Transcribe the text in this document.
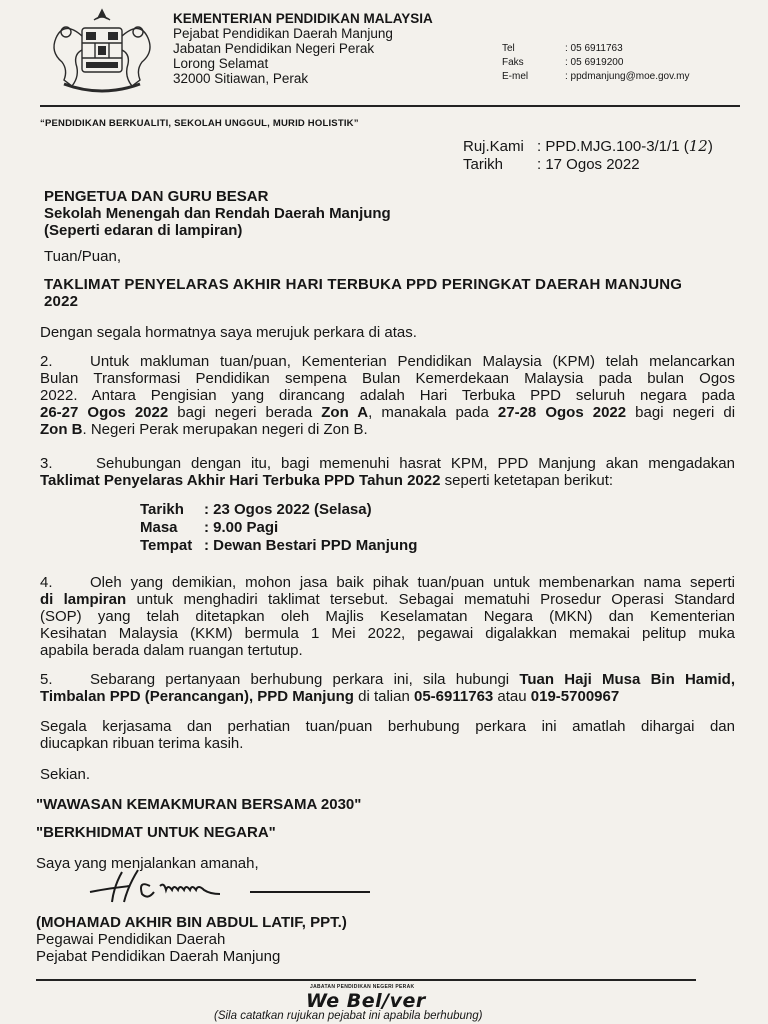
KEMENTERIAN PENDIDIKAN MALAYSIA
Pejabat Pendidikan Daerah Manjung
Jabatan Pendidikan Negeri Perak
Lorong Selamat
32000 Sitiawan, Perak
Tel
Faks
E-mel
: 05 6911763
: 05 6919200
: ppdmanjung@moe.gov.my
“PENDIDIKAN BERKUALITI, SEKOLAH UNGGUL, MURID HOLISTIK”
Ruj.Kami : PPD.MJG.100-3/1/1 (12)
Tarikh : 17 Ogos 2022
PENGETUA DAN GURU BESAR
Sekolah Menengah dan Rendah Daerah Manjung
(Seperti edaran di lampiran)
Tuan/Puan,
TAKLIMAT PENYELARAS AKHIR HARI TERBUKA PPD PERINGKAT DAERAH MANJUNG
2022
Dengan segala hormatnya saya merujuk perkara di atas.
2. Untuk makluman tuan/puan, Kementerian Pendidikan Malaysia (KPM) telah melancarkan
Bulan Transformasi Pendidikan sempena Bulan Kemerdekaan Malaysia pada bulan Ogos
2022. Antara Pengisian yang dirancang adalah Hari Terbuka PPD seluruh negara pada
26-27 Ogos 2022 bagi negeri berada Zon A, manakala pada 27-28 Ogos 2022 bagi negeri di
Zon B. Negeri Perak merupakan negeri di Zon B.
3.	Sehubungan dengan itu, bagi memenuhi hasrat KPM, PPD Manjung akan mengadakan
Taklimat Penyelaras Akhir Hari Terbuka PPD Tahun 2022 seperti ketetapan berikut:
Tarikh : 23 Ogos 2022 (Selasa)
Masa : 9.00 Pagi
Tempat : Dewan Bestari PPD Manjung
4. Oleh yang demikian, mohon jasa baik pihak tuan/puan untuk membenarkan nama seperti
di lampiran untuk menghadiri taklimat tersebut. Sebagai mematuhi Prosedur Operasi Standard
(SOP) yang telah ditetapkan oleh Majlis Keselamatan Negara (MKN) dan Kementerian
Kesihatan Malaysia (KKM) bermula 1 Mei 2022, pegawai digalakkan memakai pelitup muka
apabila berada dalam ruangan tertutup.
5. Sebarang pertanyaan berhubung perkara ini, sila hubungi Tuan Haji Musa Bin Hamid,
Timbalan PPD (Perancangan), PPD Manjung di talian 05-6911763 atau 019-5700967
Segala kerjasama dan perhatian tuan/puan berhubung perkara ini amatlah dihargai dan
diucapkan ribuan terima kasih.
Sekian.
"WAWASAN KEMAKMURAN BERSAMA 2030"
"BERKHIDMAT UNTUK NEGARA"
Saya yang menjalankan amanah,
(MOHAMAD AKHIR BIN ABDUL LATIF, PPT.)
Pegawai Pendidikan Daerah
Pejabat Pendidikan Daerah Manjung
JABATAN PENDIDIKAN NEGERI PERAK
We Bel/ver
(Sila catatkan rujukan pejabat ini apabila berhubung)
